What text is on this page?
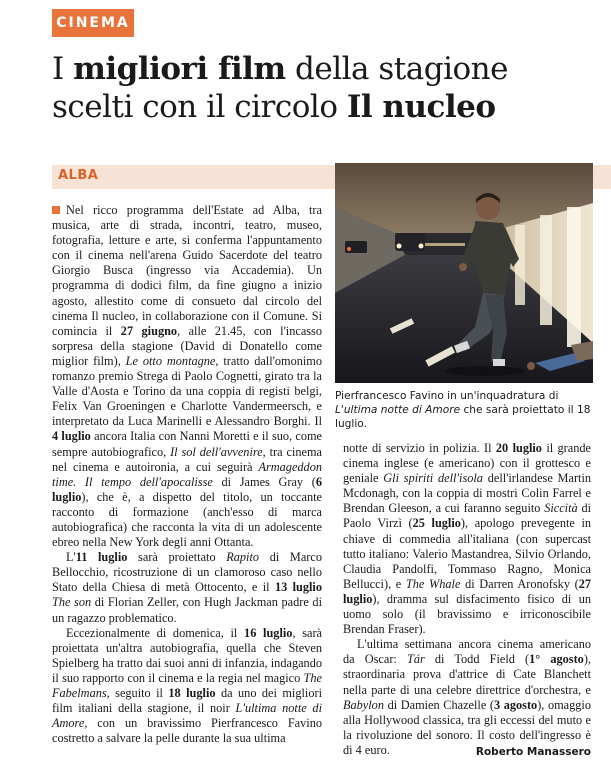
CINEMA
I migliori film della stagione
scelti con il circolo Il nucleo
ALBA
Pierfrancesco Favino in un'inquadratura di L'ultima notte di Amore che sarà proiettato il 18 luglio.

Nel ricco programma dell'Estate ad Alba, tra musica, arte di strada, incontri, teatro, museo, fotografia, letture e arte, si conferma l'appuntamento con il cinema nell'arena Guido Sacerdote del teatro Giorgio Busca (ingresso via Accademia). Un programma di dodici film, da fine giugno a inizio agosto, allestito come di consueto dal circolo del cinema Il nucleo, in collaborazione con il Comune. Si comincia il 27 giugno, alle 21.45, con l'incasso sorpresa della stagione (David di Donatello come miglior film), Le otto montagne, tratto dall'omonimo romanzo premio Strega di Paolo Cognetti, girato tra la Valle d'Aosta e Torino da una coppia di registi belgi, Felix Van Groeningen e Charlotte Vandermeersch, e interpretato da Luca Marinelli e Alessandro Borghi. Il 4 luglio ancora Italia con Nanni Moretti e il suo, come sempre autobiografico, Il sol dell'avvenire, tra cinema nel cinema e autoironia, a cui seguirà Armageddon time. Il tempo dell'apocalisse di James Gray (6 luglio), che è, a dispetto del titolo, un toccante racconto di formazione (anch'esso di marca autobiografica) che racconta la vita di un adolescente ebreo nella New York degli anni Ottanta.

L'11 luglio sarà proiettato Rapito di Marco Bellocchio, ricostruzione di un clamoroso caso nello Stato della Chiesa di metà Ottocento, e il 13 luglio The son di Florian Zeller, con Hugh Jackman padre di un ragazzo problematico.

Eccezionalmente di domenica, il 16 luglio, sarà proiettata un'altra autobiografia, quella che Steven Spielberg ha tratto dai suoi anni di infanzia, indagando il suo rapporto con il cinema e la regia nel magico The Fabelmans, seguito il 18 luglio da uno dei migliori film italiani della stagione, il noir L'ultima notte di Amore, con un bravissimo Pierfrancesco Favino costretto a salvare la pelle durante la sua ultima

notte di servizio in polizia. Il 20 luglio il grande cinema inglese (e americano) con il grottesco e geniale Gli spiriti dell'isola dell'irlandese Martin Mcdonagh, con la coppia di mostri Colin Farrel e Brendan Gleeson, a cui faranno seguito Siccità di Paolo Virzì (25 luglio), apologo prevegente in chiave di commedia all'italiana (con supercast tutto italiano: Valerio Mastandrea, Silvio Orlando, Claudia Pandolfi, Tommaso Ragno, Monica Bellucci), e The Whale di Darren Aronofsky (27 luglio), dramma sul disfacimento fisico di un uomo solo (il bravissimo e irriconoscibile Brendan Fraser).

L'ultima settimana ancora cinema americano da Oscar: Tár di Todd Field (1° agosto), straordinaria prova d'attrice di Cate Blanchett nella parte di una celebre direttrice d'orchestra, e Babylon di Damien Chazelle (3 agosto), omaggio alla Hollywood classica, tra gli eccessi del muto e la rivoluzione del sonoro. Il costo dell'ingresso è di 4 euro.	Roberto Manassero
